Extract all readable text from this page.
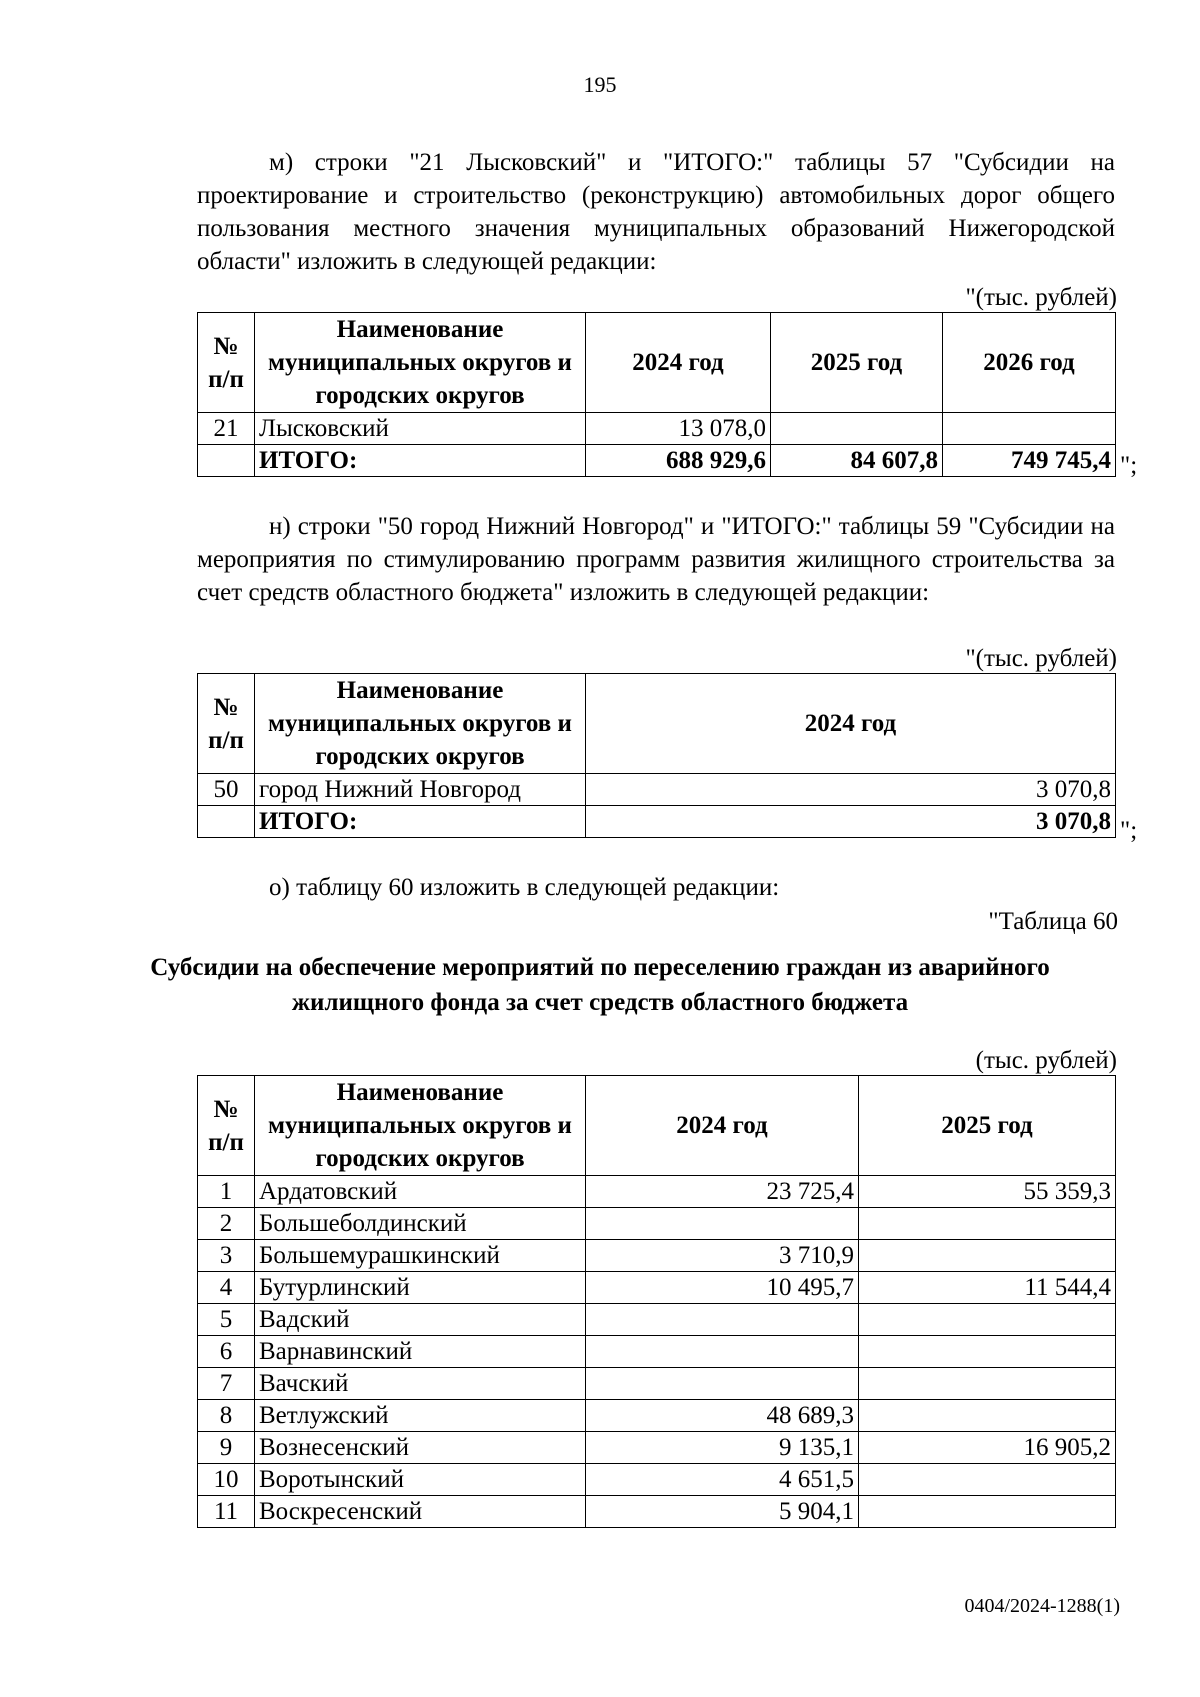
195

м) строки "21 Лысковский" и "ИТОГО:" таблицы 57 "Субсидии на проектирование и строительство (реконструкцию) автомобильных дорог общего пользования местного значения муниципальных образований Нижегородской области" изложить в следующей редакции:

"(тыс. рублей)
№ п/п	Наименование муниципальных округов и городских округов	2024 год	2025 год	2026 год
21	Лысковский	13 078,0		
	ИТОГО:	688 929,6	84 607,8	749 745,4 ";

н) строки "50 город Нижний Новгород" и "ИТОГО:" таблицы 59 "Субсидии на мероприятия по стимулированию программ развития жилищного строительства за счет средств областного бюджета" изложить в следующей редакции:

"(тыс. рублей)
№ п/п	Наименование муниципальных округов и городских округов	2024 год
50	город Нижний Новгород	3 070,8
	ИТОГО:	3 070,8 ";
о) таблицу 60 изложить в следующей редакции:
"Таблица 60

Субсидии на обеспечение мероприятий по переселению граждан из аварийного жилищного фонда за счет средств областного бюджета

(тыс. рублей)
№ п/п	Наименование муниципальных округов и городских округов	2024 год	2025 год
1	Ардатовский	23 725,4	55 359,3
2	Большеболдинский		
3	Большемурашкинский	3 710,9	
4	Бутурлинский	10 495,7	11 544,4
5	Вадский		
6	Варнавинский		
7	Вачский		
8	Ветлужский	48 689,3	
9	Вознесенский	9 135,1	16 905,2
10	Воротынский	4 651,5	
11	Воскресенский	5 904,1	
0404/2024-1288(1)
